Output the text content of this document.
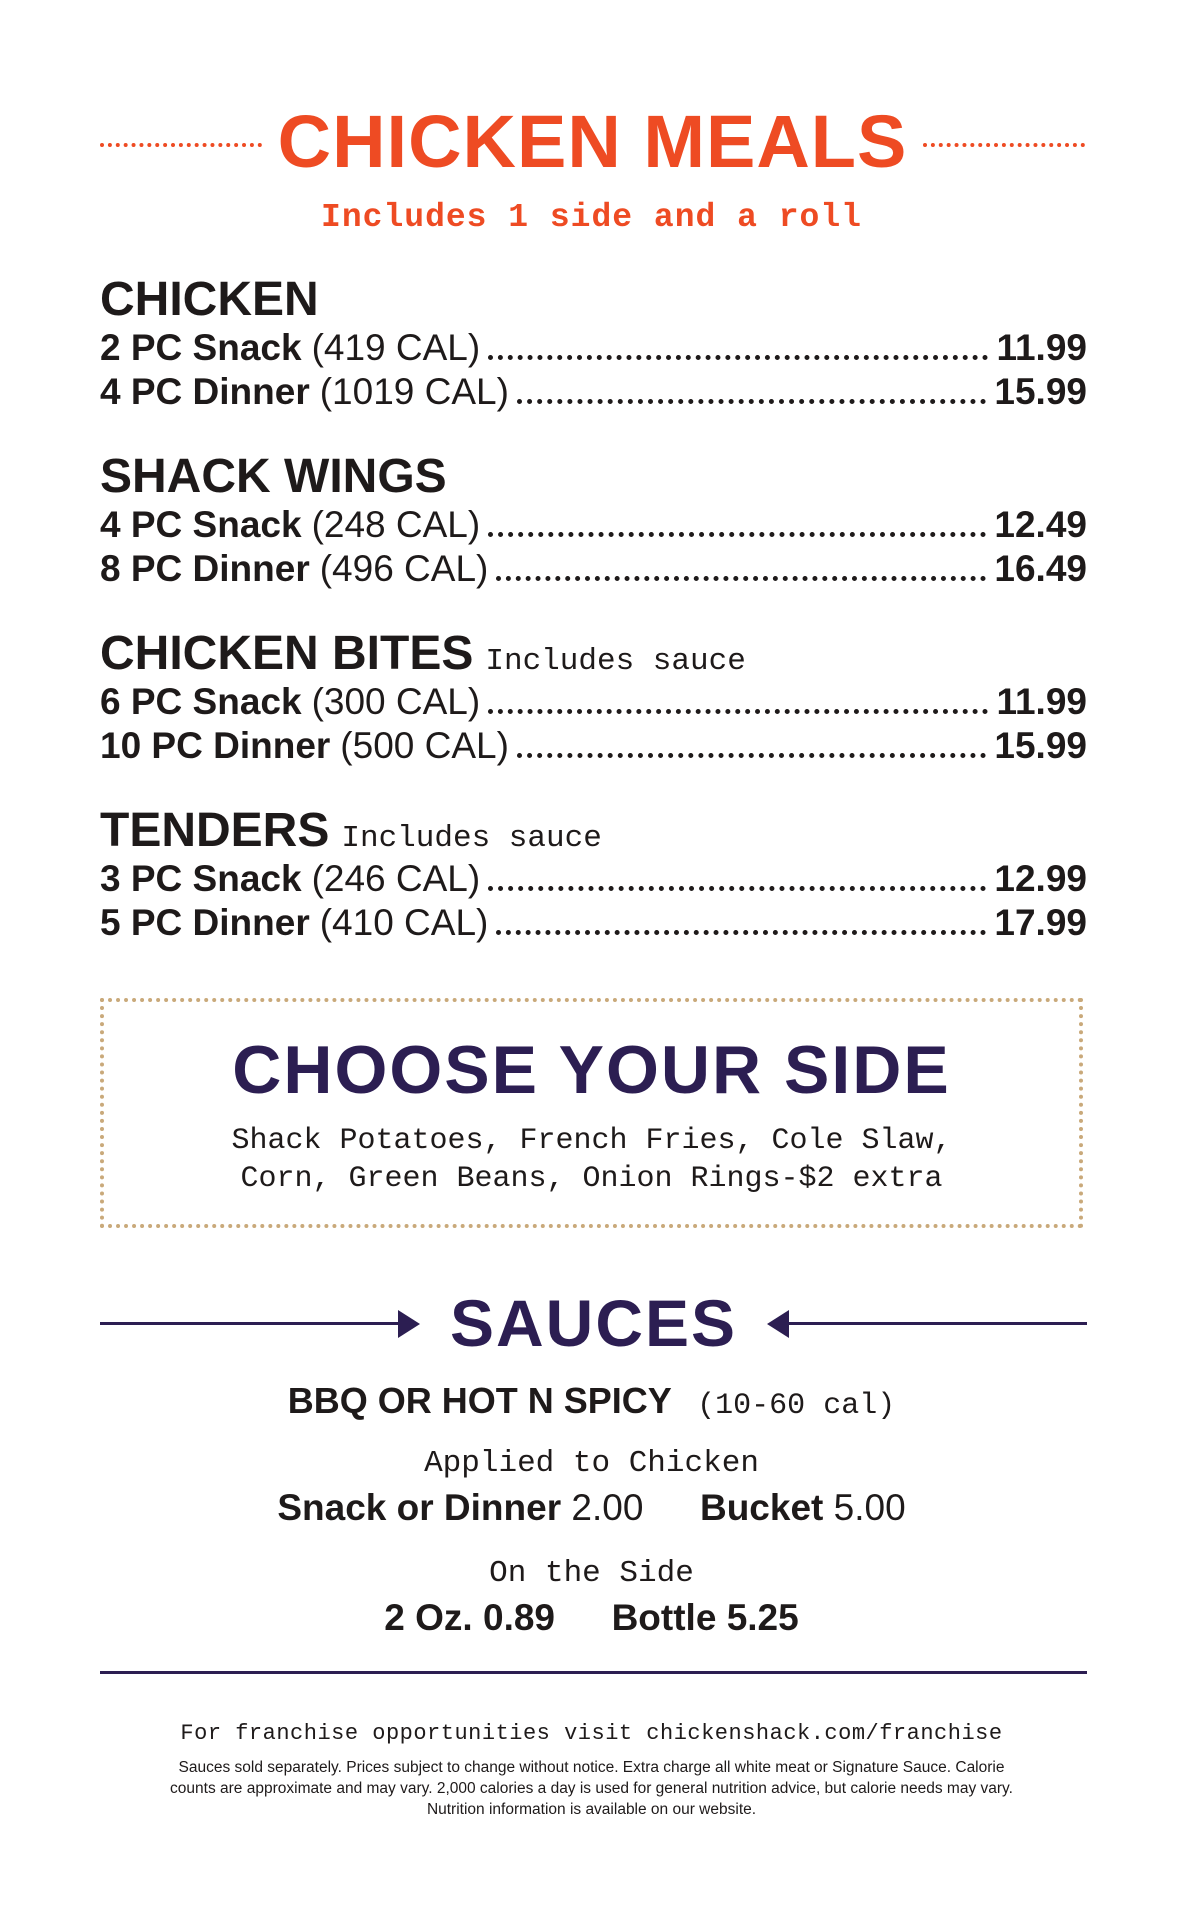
CHICKEN MEALS
Includes 1 side and a roll
CHICKEN
2 PC Snack (419 CAL)	11.99
4 PC Dinner (1019 CAL)	15.99
SHACK WINGS
4 PC Snack (248 CAL)	12.49
8 PC Dinner (496 CAL)	16.49
CHICKEN BITES Includes sauce
6 PC Snack (300 CAL)	11.99
10 PC Dinner (500 CAL)	15.99
TENDERS Includes sauce
3 PC Snack (246 CAL)	12.99
5 PC Dinner (410 CAL)	17.99
CHOOSE YOUR SIDE
Shack Potatoes, French Fries, Cole Slaw,
Corn, Green Beans, Onion Rings-$2 extra
SAUCES
BBQ OR HOT N SPICY (10-60 cal)
Applied to Chicken
Snack or Dinner 2.00 Bucket 5.00
On the Side
2 Oz. 0.89 Bottle 5.25
For franchise opportunities visit chickenshack.com/franchise
Sauces sold separately. Prices subject to change without notice. Extra charge all white meat or Signature Sauce. Calorie
counts are approximate and may vary. 2,000 calories a day is used for general nutrition advice, but calorie needs may vary.
Nutrition information is available on our website.
